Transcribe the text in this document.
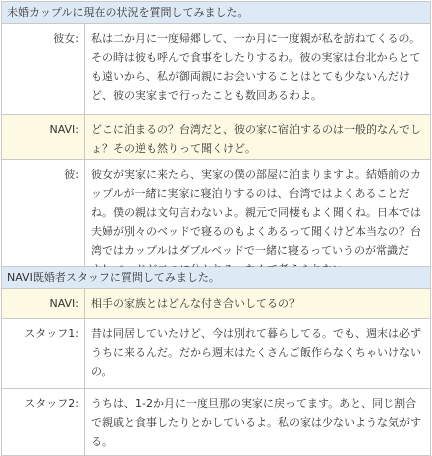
未婚カップルに現在の状況を質問してみました。
彼女:	私は二か月に一度帰郷して、一か月に一度親が私を訪ねてくるの。その時は彼も呼んで食事をしたりするわ。彼の実家は台北からとても遠いから、私が御両親にお会いすることはとても少ないんだけど、彼の実家まで行ったことも数回あるわよ。
NAVI:	どこに泊まるの？台湾だと、彼の家に宿泊するのは一般的なんでしょ？その逆も然りって聞くけど。
彼:	彼女が実家に来たら、実家の僕の部屋に泊まりますよ。結婚前のカップルが一緒に実家に寝泊りするのは、台湾ではよくあることだね。僕の親は文句言わないよ。親元で同棲もよく聞くね。日本では夫婦が別々のベッドで寝るのもよくあるって聞くけど本当なの？台湾ではカップルはダブルベッドで一緒に寝るっていうのが常識だ
NAVI既婚者スタッフに質問してみました。
NAVI:	相手の家族とはどんな付き合いしてるの？
スタッフ1:	昔は同居していたけど、今は別れて暮らしてる。でも、週末は必ずうちに来るんだ。だから週末はたくさんご飯作らなくちゃいけないの。
スタッフ2:	うちは、1-2か月に一度旦那の実家に戻ってます。あと、同じ割合で親戚と食事したりとかしているよ。私の家は少ないような気がする。
